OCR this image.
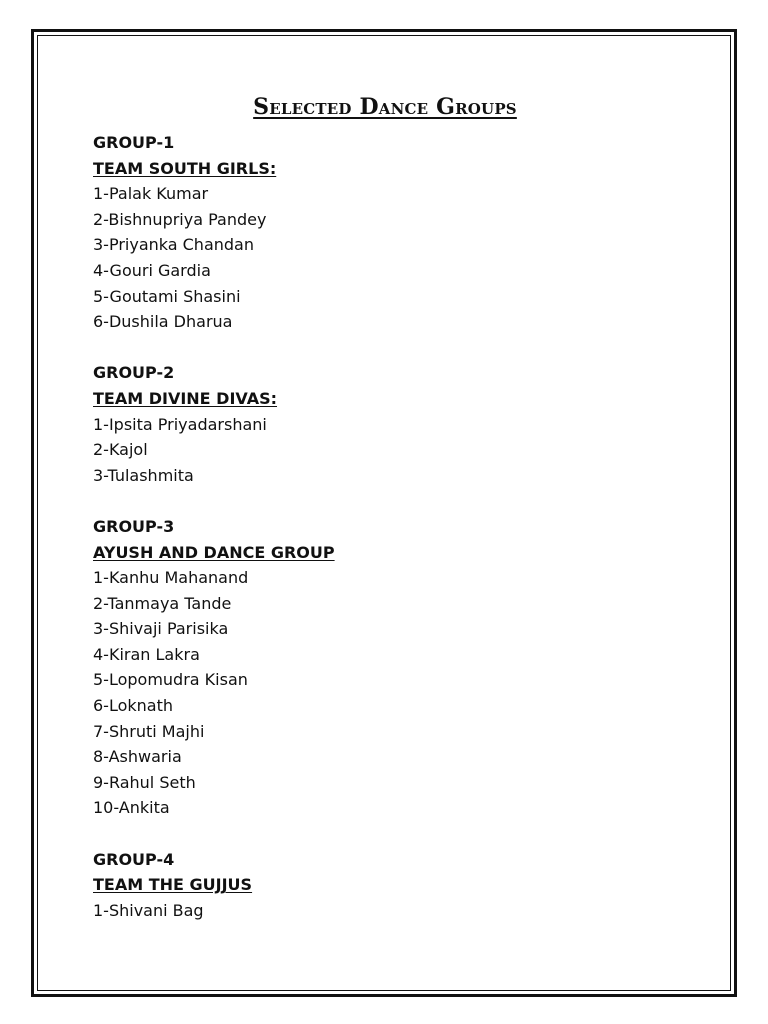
Selected Dance Groups
GROUP-1
TEAM SOUTH GIRLS:
1-Palak Kumar
2-Bishnupriya Pandey
3-Priyanka Chandan
4-Gouri Gardia
5-Goutami Shasini
6-Dushila Dharua
GROUP-2
TEAM DIVINE DIVAS:
1-Ipsita Priyadarshani
2-Kajol
3-Tulashmita
GROUP-3
AYUSH AND DANCE GROUP
1-Kanhu Mahanand
2-Tanmaya Tande
3-Shivaji Parisika
4-Kiran Lakra
5-Lopomudra Kisan
6-Loknath
7-Shruti Majhi
8-Ashwaria
9-Rahul Seth
10-Ankita
GROUP-4
TEAM THE GUJJUS
1-Shivani Bag
